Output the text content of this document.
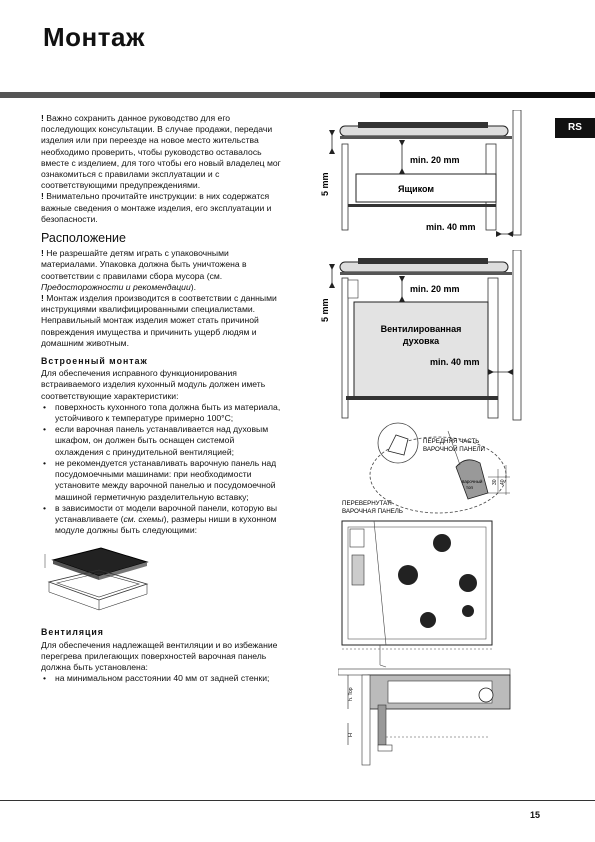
Монтаж
RS

! Важно сохранить данное руководство для его последующих консультации. В случае продажи, передачи изделия или при переезде на новое место жительства необходимо проверить, чтобы руководство оставалось вместе с изделием, для того чтобы его новый владелец мог ознакомиться с правилами эксплуатации и с соответствующими предупреждениями.

! Внимательно прочитайте инструкции: в них содержатся важные сведения о монтаже изделия, его эксплуатации и безопасности.

Расположение

! Не разрешайте детям играть с упаковочными материалами. Упаковка должна быть уничтожена в соответствии с правилами сбора мусора (см. Предосторожности и рекомендации).

! Монтаж изделия производится в соответствии с данными инструкциями квалифицированными специалистами. Неправильный монтаж изделия может стать причиной повреждения имущества и причинить ущерб людям и домашним животным.

Встроенный монтаж

Для обеспечения исправного функционирования встраиваемого изделия кухонный модуль должен иметь соответствующие характеристики:

• поверхность кухонного топа должна быть из материала, устойчивого к температуре примерно 100°C;
• если варочная панель устанавливается над духовым шкафом, он должен быть оснащен системой охлаждения с принудительной вентиляцией;
• не рекомендуется устанавливать варочную панель над посудомоечными машинами: при необходимости установите между варочной панелью и посудомоечной машиной герметичную разделительную вставку;
• в зависимости от модели варочной панели, которую вы устанавливаете (см. схемы), размеры ниши в кухонном модуле должны быть следующими:
Вентиляция

Для обеспечения надлежащей вентиляции и во избежание

перегрева прилегающих поверхностей варочная панель должна быть установлена:

• на минимальном расстоянии 40 мм от задней стенки;
5 mm
min. 20 mm
Ящиком
min. 40 mm
5 mm
min. 20 mm
Вентилированная
духовка
min. 40 mm
ПЕРЕДНЯЯ ЧАСТЬ
ВАРОЧНОЙ ПАНЕЛИ
варочный
топ
30 40
ПЕРЕВЕРНУТАЯ
ВАРОЧНАЯ ПАНЕЛЬ
h. Top
H
15
